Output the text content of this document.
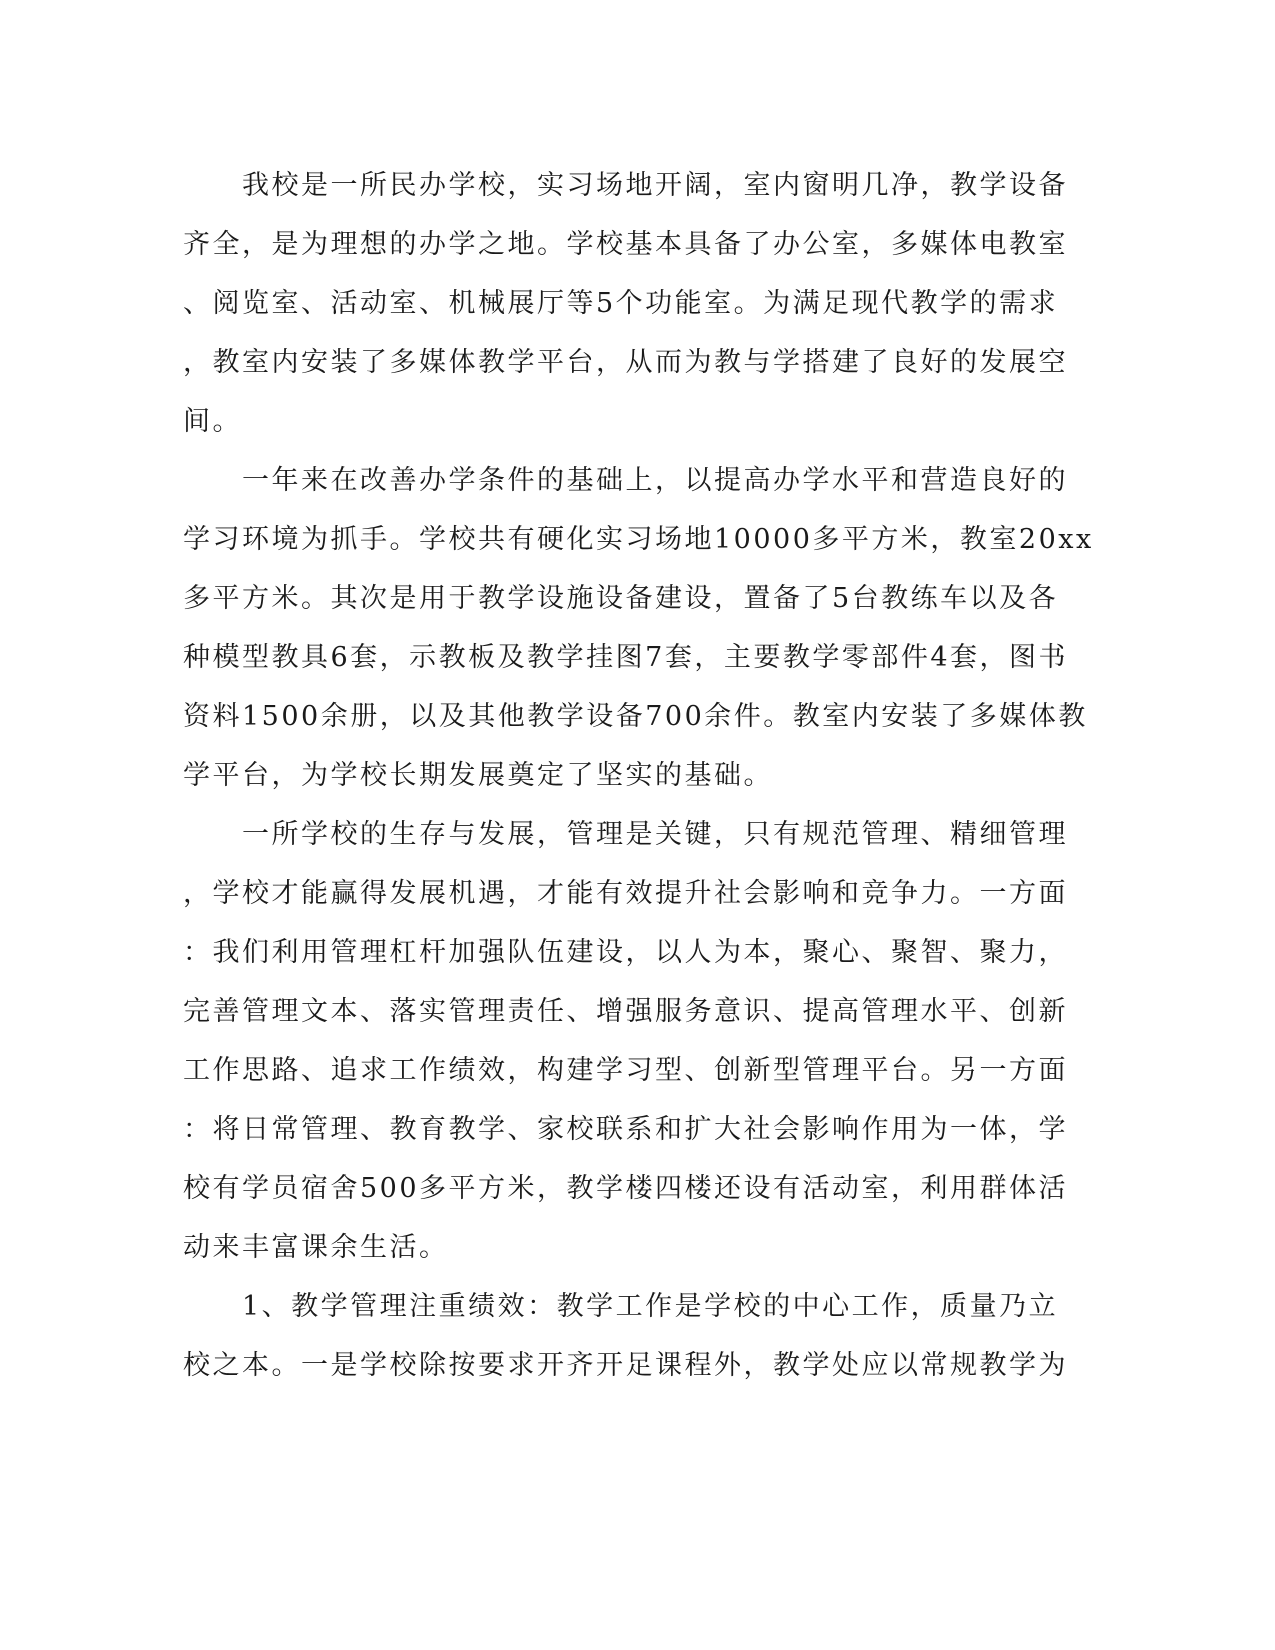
　　我校是一所民办学校，实习场地开阔，室内窗明几净，教学设备
齐全，是为理想的办学之地。学校基本具备了办公室，多媒体电教室
、阅览室、活动室、机械展厅等5个功能室。为满足现代教学的需求
，教室内安装了多媒体教学平台，从而为教与学搭建了良好的发展空
间。
　　一年来在改善办学条件的基础上，以提高办学水平和营造良好的
学习环境为抓手。学校共有硬化实习场地10000多平方米，教室20xx
多平方米。其次是用于教学设施设备建设，置备了5台教练车以及各
种模型教具6套，示教板及教学挂图7套，主要教学零部件4套，图书
资料1500余册，以及其他教学设备700余件。教室内安装了多媒体教
学平台，为学校长期发展奠定了坚实的基础。
　　一所学校的生存与发展，管理是关键，只有规范管理、精细管理
，学校才能赢得发展机遇，才能有效提升社会影响和竞争力。一方面
：我们利用管理杠杆加强队伍建设，以人为本，聚心、聚智、聚力，
完善管理文本、落实管理责任、增强服务意识、提高管理水平、创新
工作思路、追求工作绩效，构建学习型、创新型管理平台。另一方面
：将日常管理、教育教学、家校联系和扩大社会影响作用为一体，学
校有学员宿舍500多平方米，教学楼四楼还设有活动室，利用群体活
动来丰富课余生活。
　　1、教学管理注重绩效：教学工作是学校的中心工作，质量乃立
校之本。一是学校除按要求开齐开足课程外，教学处应以常规教学为
